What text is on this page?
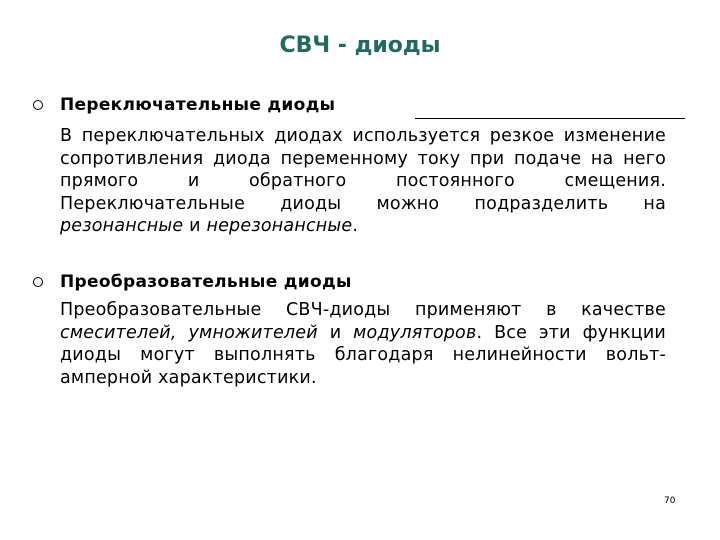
СВЧ - диоды
Переключательные диоды
В переключательных диодах используется резкое изменение сопротивления диода переменному току при подаче на него прямого и обратного постоянного смещения. Переключательные диоды можно подразделить на резонансные и нерезонансные.
Преобразовательные диоды
Преобразовательные СВЧ-диоды применяют в качестве смесителей, умножителей и модуляторов. Все эти функции диоды могут выполнять благодаря нелинейности вольт-амперной характеристики.
70
